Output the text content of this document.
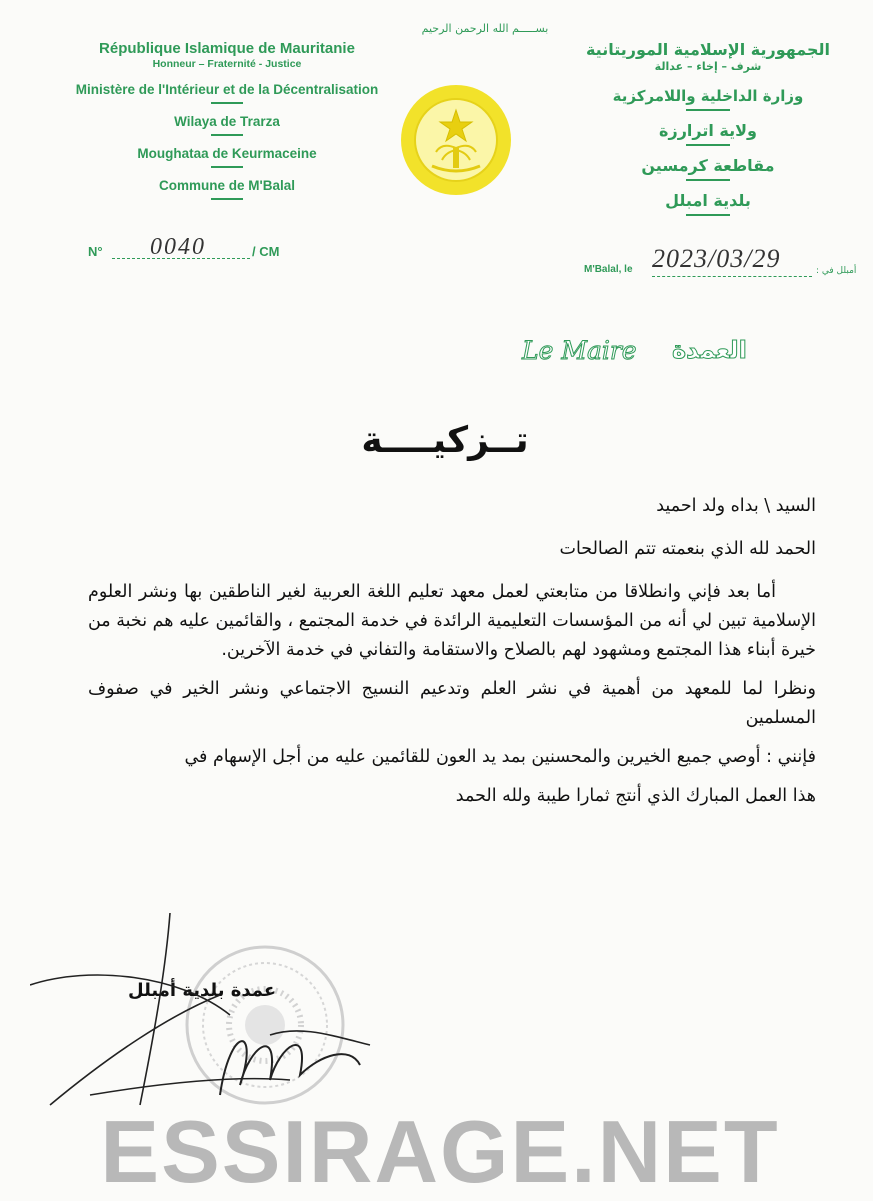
بســـــم الله الرحمن الرحيم
République Islamique de Mauritanie
Honneur – Fraternité - Justice
Ministère de l'Intérieur et de la Décentralisation
Wilaya de Trarza
Moughataa de Keurmaceine
Commune de M'Balal
الجمهورية الإسلامية الموريتانية
شرف – إخاء – عدالة
وزارة الداخلية واللامركزية
ولاية اترارزة
مقاطعة كرمسين
بلدية امبلل
N° 0040	/ CM
M'Balal, le 2023/03/29	أمبلل في :
Le Maire العمدة
تــزكيــــة

السيد \ بداه ولد احميد

الحمد لله الذي بنعمته تتم الصالحات

أما بعد فإني وانطلاقا من متابعتي لعمل معهد تعليم اللغة العربية لغير الناطقين بها ونشر العلوم الإسلامية تبين لي أنه من المؤسسات التعليمية الرائدة في خدمة المجتمع ، والقائمين عليه هم نخبة من خيرة أبناء هذا المجتمع ومشهود لهم بالصلاح والاستقامة والتفاني في خدمة الآخرين.

ونظرا لما للمعهد من أهمية في نشر العلم وتدعيم النسيج الاجتماعي ونشر الخير في صفوف المسلمين

فإنني : أوصي جميع الخيرين والمحسنين بمد يد العون للقائمين عليه من أجل الإسهام في

هذا العمل المبارك الذي أنتج ثمارا طيبة ولله الحمد

عمدة بلدية أمبلل
ESSIRAGE.NET
